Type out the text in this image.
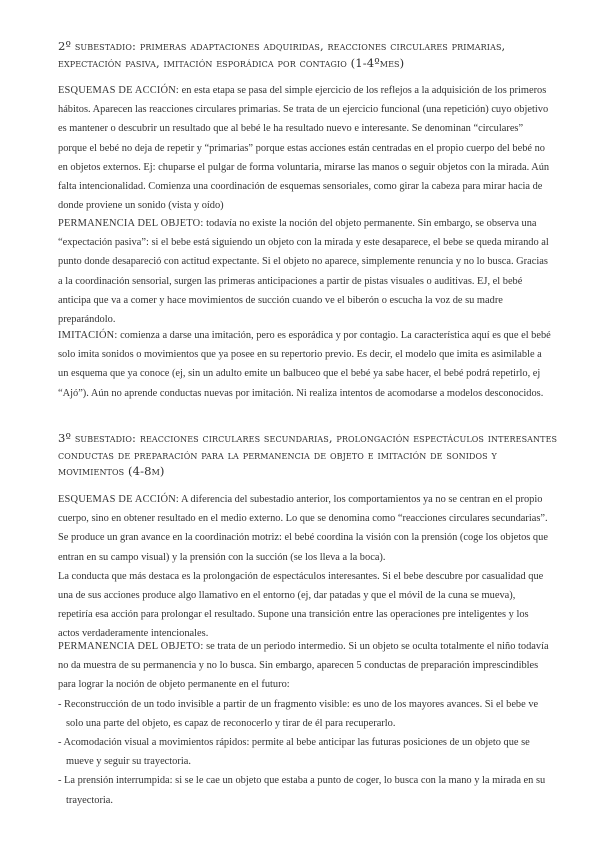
2º subestadio: primeras adaptaciones adquiridas, reacciones circulares primarias, expectación pasiva, imitación esporádica por contagio (1-4ºmes)
ESQUEMAS DE ACCIÓN: en esta etapa se pasa del simple ejercicio de los reflejos a la adquisición de los primeros hábitos. Aparecen las reacciones circulares primarias. Se trata de un ejercicio funcional (una repetición) cuyo objetivo es mantener o descubrir un resultado que al bebé le ha resultado nuevo e interesante. Se denominan “circulares” porque el bebé no deja de repetir y “primarias” porque estas acciones están centradas en el propio cuerpo del bebé no en objetos externos. Ej: chuparse el pulgar de forma voluntaria, mirarse las manos o seguir objetos con la mirada. Aún falta intencionalidad. Comienza una coordinación de esquemas sensoriales, como girar la cabeza para mirar hacia de donde proviene un sonido (vista y oído)
PERMANENCIA DEL OBJETO: todavía no existe la noción del objeto permanente. Sin embargo, se observa una “expectación pasiva”: si el bebe está siguiendo un objeto con la mirada y este desaparece, el bebe se queda mirando al punto donde desapareció con actitud expectante. Si el objeto no aparece, simplemente renuncia y no lo busca. Gracias a la coordinación sensorial, surgen las primeras anticipaciones a partir de pistas visuales o auditivas. EJ, el bebé anticipa que va a comer y hace movimientos de succión cuando ve el biberón o escucha la voz de su madre preparándolo.
IMITACIÓN: comienza a darse una imitación, pero es esporádica y por contagio. La característica aquí es que el bebé solo imita sonidos o movimientos que ya posee en su repertorio previo. Es decir, el modelo que imita es asimilable a un esquema que ya conoce (ej, sin un adulto emite un balbuceo que el bebé ya sabe hacer, el bebé podrá repetirlo, ej “Ajó”). Aún no aprende conductas nuevas por imitación. Ni realiza intentos de acomodarse a modelos desconocidos.
3º subestadio: reacciones circulares secundarias, prolongación espectáculos interesantes conductas de preparación para la permanencia de objeto e imitación de sonidos y movimientos (4-8m)
ESQUEMAS DE ACCIÓN: A diferencia del subestadio anterior, los comportamientos ya no se centran en el propio cuerpo, sino en obtener resultado en el medio externo. Lo que se denomina como “reacciones circulares secundarias”. Se produce un gran avance en la coordinación motriz: el bebé coordina la visión con la prensión (coge los objetos que entran en su campo visual) y la prensión con la succión (se los lleva a la boca).
La conducta que más destaca es la prolongación de espectáculos interesantes. Si el bebe descubre por casualidad que una de sus acciones produce algo llamativo en el entorno (ej, dar patadas y que el móvil de la cuna se mueva), repetiría esa acción para prolongar el resultado. Supone una transición entre las operaciones pre inteligentes y los actos verdaderamente intencionales.
PERMANENCIA DEL OBJETO: se trata de un periodo intermedio. Si un objeto se oculta totalmente el niño todavía no da muestra de su permanencia y no lo busca. Sin embargo, aparecen 5 conductas de preparación imprescindibles para lograr la noción de objeto permanente en el futuro:
- Reconstrucción de un todo invisible a partir de un fragmento visible: es uno de los mayores avances. Si el bebe ve solo una parte del objeto, es capaz de reconocerlo y tirar de él para recuperarlo.
- Acomodación visual a movimientos rápidos: permite al bebe anticipar las futuras posiciones de un objeto que se mueve y seguir su trayectoria.
- La prensión interrumpida: si se le cae un objeto que estaba a punto de coger, lo busca con la mano y la mirada en su trayectoria.
